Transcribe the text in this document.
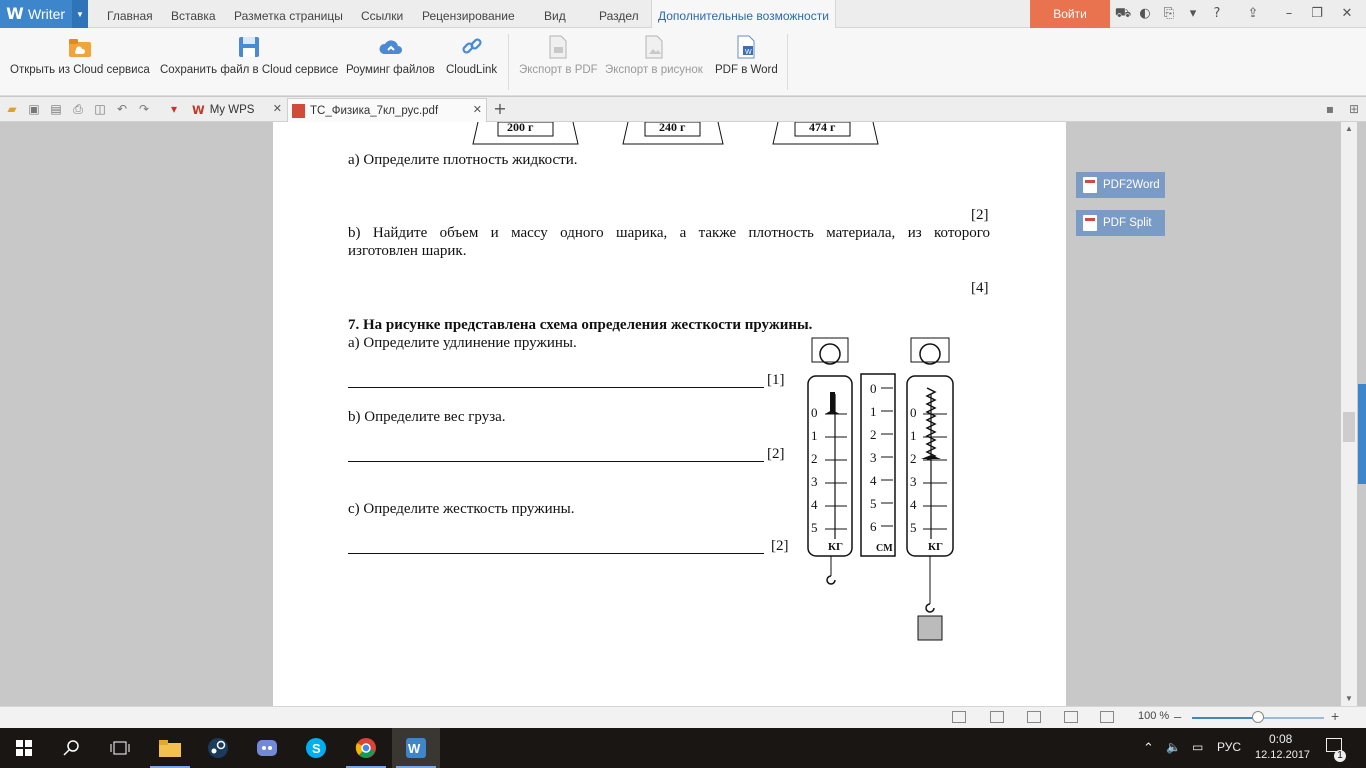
W Writer	▼	Главная Вставка Разметка страницы Ссылки Рецензирование Вид	Раздел	Дополнительные возможности	Войти	⛟ ◐ ⎘	▾	?	⇪	–	❐ ✕
Открыть из Cloud сервиса Сохранить файл в Cloud сервисе Роуминг файлов CloudLink Экспорт в PDF Экспорт в рисунок
W
PDF в Word
▰ ▣ ▤ ⎙ ◫ ↶ ↷	▾	W My WPS ✕ ТС_Физика_7кл_рус.pdf	✕ +	▪	⊞
200 г	240 г	474 г
а) Определите плотность жидкости.
[2]
b) Найдите объем и массу одного шарика, а также плотность материала, из которого
изготовлен шарик.
[4]
7. На рисунке представлена схема определения жесткости пружины.
а) Определите удлинение пружины.
[1]
b) Определите вес груза.
[2]
с) Определите жесткость пружины.
[2]
0
1
2
3
4
5
КГ
0
1
2
3
4
5
6
СМ
0
1
2
3
4
5
КГ
PDF2Word
PDF Split
▲
▼
100 % –	+
S	W	⌃ 🔈 ▭ РУС
0:08
12.12.2017	1
